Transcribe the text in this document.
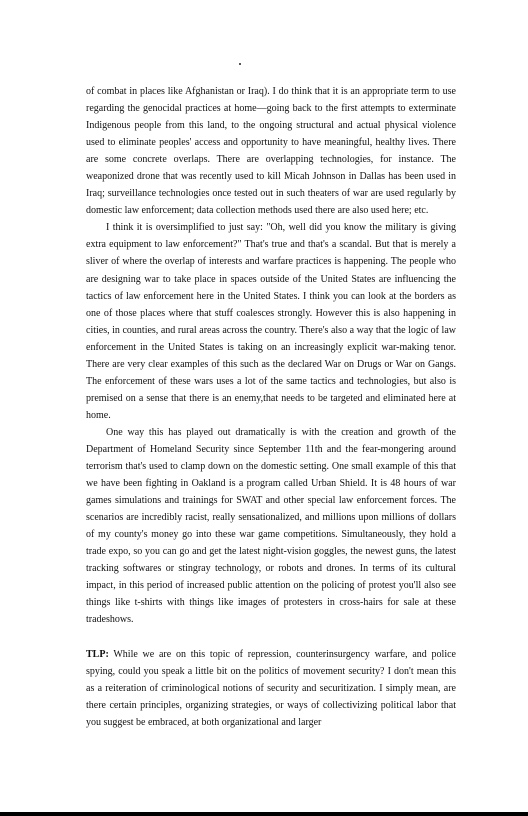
of combat in places like Afghanistan or Iraq). I do think that it is an appropriate term to use regarding the genocidal practices at home—going back to the first attempts to exterminate Indigenous people from this land, to the ongoing structural and actual physical violence used to eliminate peoples' access and opportunity to have meaningful, healthy lives. There are some concrete overlaps. There are overlapping technologies, for instance. The weaponized drone that was recently used to kill Micah Johnson in Dallas has been used in Iraq; surveillance technologies once tested out in such theaters of war are used regularly by domestic law enforcement; data collection methods used there are also used here; etc.

I think it is oversimplified to just say: "Oh, well did you know the military is giving extra equipment to law enforcement?" That's true and that's a scandal. But that is merely a sliver of where the overlap of interests and warfare practices is happening. The people who are designing war to take place in spaces outside of the United States are influencing the tactics of law enforcement here in the United States. I think you can look at the borders as one of those places where that stuff coalesces strongly. However this is also happening in cities, in counties, and rural areas across the country. There's also a way that the logic of law enforcement in the United States is taking on an increasingly explicit war-making tenor. There are very clear examples of this such as the declared War on Drugs or War on Gangs. The enforcement of these wars uses a lot of the same tactics and technologies, but also is premised on a sense that there is an enemy,that needs to be targeted and eliminated here at home.

One way this has played out dramatically is with the creation and growth of the Department of Homeland Security since September 11th and the fear-mongering around terrorism that's used to clamp down on the domestic setting. One small example of this that we have been fighting in Oakland is a program called Urban Shield. It is 48 hours of war games simulations and trainings for SWAT and other special law enforcement forces. The scenarios are incredibly racist, really sensationalized, and millions upon millions of dollars of my county's money go into these war game competitions. Simultaneously, they hold a trade expo, so you can go and get the latest night-vision goggles, the newest guns, the latest tracking softwares or stingray technology, or robots and drones. In terms of its cultural impact, in this period of increased public attention on the policing of protest you'll also see things like t-shirts with things like images of protesters in cross-hairs for sale at these tradeshows.

TLP: While we are on this topic of repression, counterinsurgency warfare, and police spying, could you speak a little bit on the politics of movement security? I don't mean this as a reiteration of criminological notions of security and securitization. I simply mean, are there certain principles, organizing strategies, or ways of collectivizing political labor that you suggest be embraced, at both organizational and larger
